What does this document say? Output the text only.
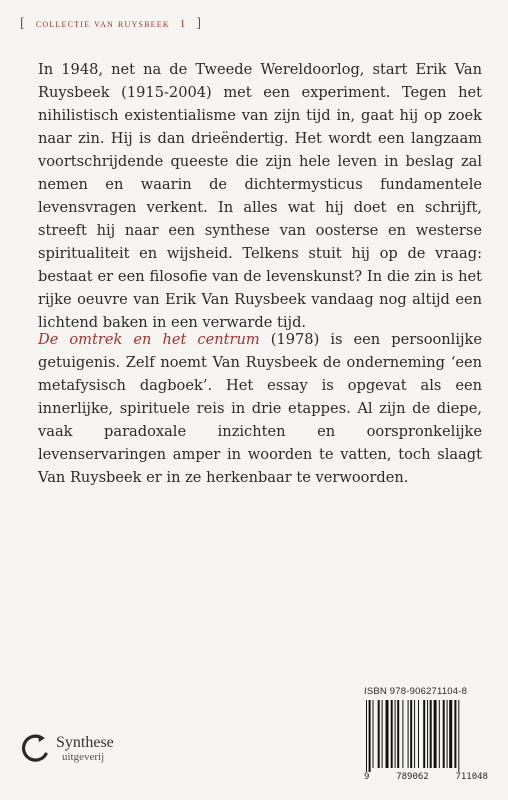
[ collectie van ruysbeek 1 ]

In 1948, net na de Tweede Wereldoorlog, start Erik Van Ruysbeek (1915-2004) met een experiment. Tegen het nihilistisch existentialisme van zijn tijd in, gaat hij op zoek naar zin. Hij is dan drieëndertig. Het wordt een langzaam voortschrijdende queeste die zijn hele leven in beslag zal nemen en waarin de dichtermysticus fundamentele levensvragen verkent. In alles wat hij doet en schrijft, streeft hij naar een synthese van oosterse en westerse spiritualiteit en wijsheid. Telkens stuit hij op de vraag: bestaat er een filosofie van de levenskunst? In die zin is het rijke oeuvre van Erik Van Ruysbeek vandaag nog altijd een lichtend baken in een verwarde tijd.

De omtrek en het centrum (1978) is een persoonlijke getuigenis. Zelf noemt Van Ruysbeek de onderneming ‘een metafysisch dagboek’. Het essay is opgevat als een innerlijke, spirituele reis in drie etappes. Al zijn de diepe, vaak paradoxale inzichten en oorspronkelijke levenservaringen amper in woorden te vatten, toch slaagt Van Ruysbeek er in ze herkenbaar te verwoorden.

ISBN 978-906271104-8
9	789062	711048
Synthese
uitgeverij
